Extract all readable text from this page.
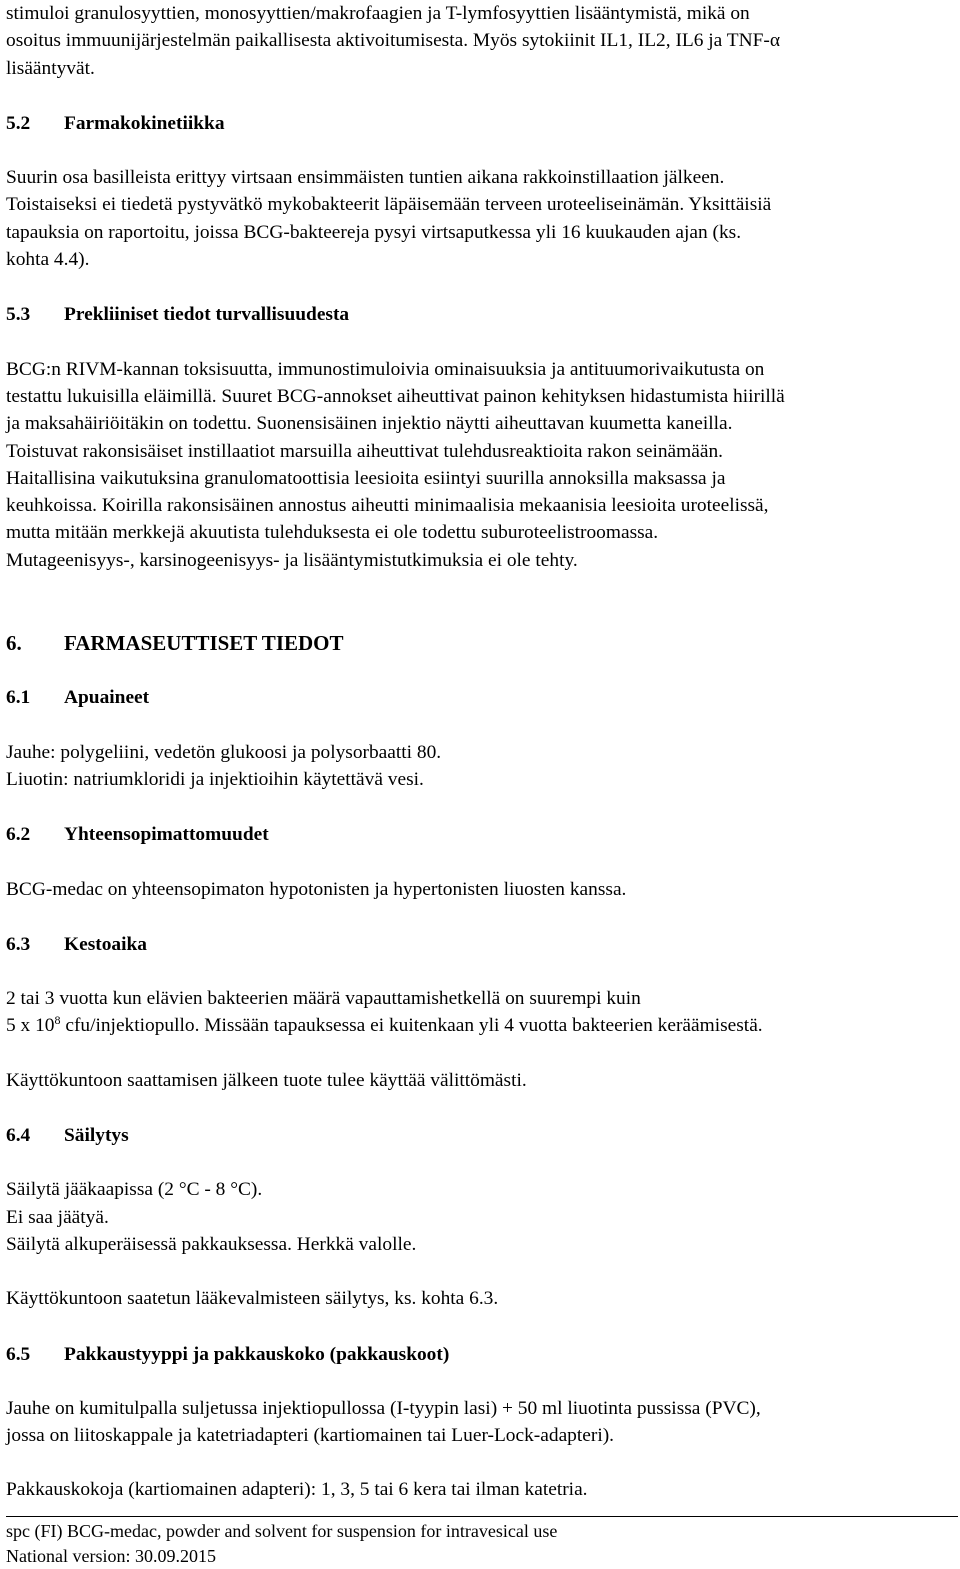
stimuloi granulosyyttien, monosyyttien/makrofaagien ja T-lymfosyyttien lisääntymistä, mikä on

osoitus immuunijärjestelmän paikallisesta aktivoitumisesta. Myös sytokiinit IL1, IL2, IL6 ja TNF-α

lisääntyvät.

5.2 Farmakokinetiikka

Suurin osa basilleista erittyy virtsaan ensimmäisten tuntien aikana rakkoinstillaation jälkeen.

Toistaiseksi ei tiedetä pystyvätkö mykobakteerit läpäisemään terveen uroteeliseinämän. Yksittäisiä

tapauksia on raportoitu, joissa BCG-bakteereja pysyi virtsaputkessa yli 16 kuukauden ajan (ks.

kohta 4.4).

5.3 Prekliiniset tiedot turvallisuudesta

BCG:n RIVM-kannan toksisuutta, immunostimuloivia ominaisuuksia ja antituumorivaikutusta on

testattu lukuisilla eläimillä. Suuret BCG-annokset aiheuttivat painon kehityksen hidastumista hiirillä

ja maksahäiriöitäkin on todettu. Suonensisäinen injektio näytti aiheuttavan kuumetta kaneilla.

Toistuvat rakonsisäiset instillaatiot marsuilla aiheuttivat tulehdusreaktioita rakon seinämään.

Haitallisina vaikutuksina granulomatoottisia leesioita esiintyi suurilla annoksilla maksassa ja

keuhkoissa. Koirilla rakonsisäinen annostus aiheutti minimaalisia mekaanisia leesioita uroteelissä,

mutta mitään merkkejä akuutista tulehduksesta ei ole todettu suburoteelistroomassa.

Mutageenisyys-, karsinogeenisyys- ja lisääntymistutkimuksia ei ole tehty.

6. FARMASEUTTISET TIEDOT

6.1 Apuaineet

Jauhe: polygeliini, vedetön glukoosi ja polysorbaatti 80.

Liuotin: natriumkloridi ja injektioihin käytettävä vesi.

6.2 Yhteensopimattomuudet

BCG-medac on yhteensopimaton hypotonisten ja hypertonisten liuosten kanssa.

6.3 Kestoaika

2 tai 3 vuotta kun elävien bakteerien määrä vapauttamishetkellä on suurempi kuin

5 x $10^8$ cfu/injektiopullo. Missään tapauksessa ei kuitenkaan yli 4 vuotta bakteerien keräämisestä.

Käyttökuntoon saattamisen jälkeen tuote tulee käyttää välittömästi.

6.4 Säilytys

Säilytä jääkaapissa (2 °C - 8 °C).

Ei saa jäätyä.

Säilytä alkuperäisessä pakkauksessa. Herkkä valolle.

Käyttökuntoon saatetun lääkevalmisteen säilytys, ks. kohta 6.3.

6.5 Pakkaustyyppi ja pakkauskoko (pakkauskoot)

Jauhe on kumitulpalla suljetussa injektiopullossa (I-tyypin lasi) + 50 ml liuotinta pussissa (PVC),

jossa on liitoskappale ja katetriadapteri (kartiomainen tai Luer-Lock-adapteri).

Pakkauskokoja (kartiomainen adapteri): 1, 3, 5 tai 6 kera tai ilman katetria.

spc (FI) BCG-medac, powder and solvent for suspension for intravesical use
National version: 30.09.2015
